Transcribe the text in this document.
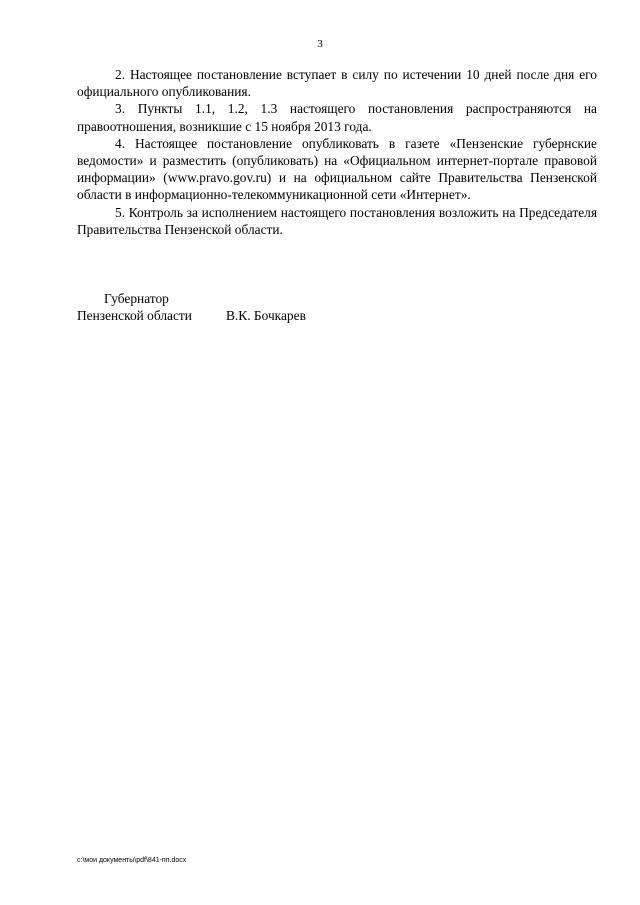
3

2. Настоящее постановление вступает в силу по истечении 10 дней после дня его официального опубликования.

3. Пункты 1.1, 1.2, 1.3 настоящего постановления распространяются на правоотношения, возникшие с 15 ноября 2013 года.

4. Настоящее постановление опубликовать в газете «Пензенские губернские ведомости» и разместить (опубликовать) на «Официальном интернет-портале правовой информации» (www.pravo.gov.ru) и на официальном сайте Правительства Пензенской области в информационно-телекоммуникационной сети «Интернет».

5. Контроль за исполнением настоящего постановления возложить на Председателя Правительства Пензенской области.

Губернатор
Пензенской области	В.К. Бочкарев
c:\мои документы\pdf\841-пп.docx
